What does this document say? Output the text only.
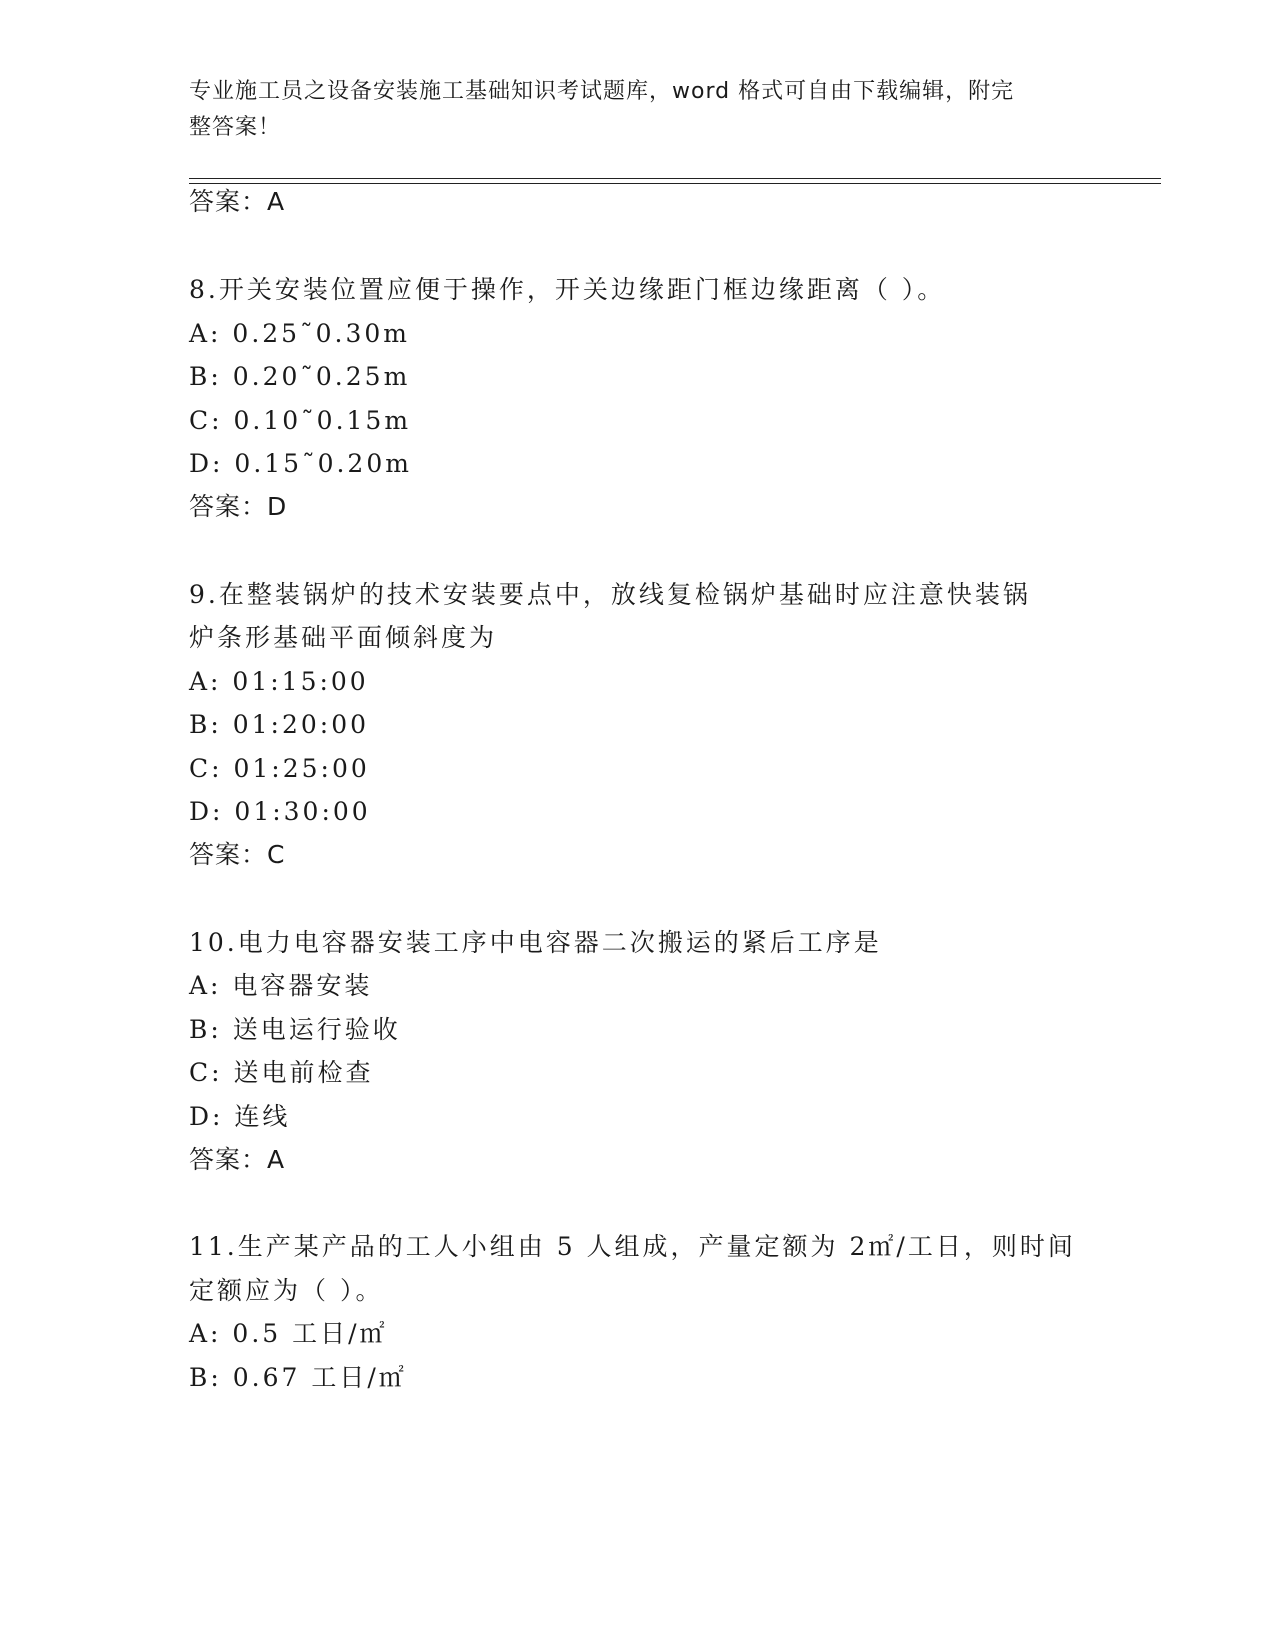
专业施工员之设备安装施工基础知识考试题库，word 格式可自由下载编辑，附完
整答案！
答案：A
8.开关安装位置应便于操作，开关边缘距门框边缘距离（ ）。
A: 0.25˜0.30m
B: 0.20˜0.25m
C: 0.10˜0.15m
D: 0.15˜0.20m
答案：D
9.在整装锅炉的技术安装要点中，放线复检锅炉基础时应注意快装锅
炉条形基础平面倾斜度为
A: 01:15:00
B: 01:20:00
C: 01:25:00
D: 01:30:00
答案：C
10.电力电容器安装工序中电容器二次搬运的紧后工序是
A: 电容器安装
B: 送电运行验收
C: 送电前检查
D: 连线
答案：A
11.生产某产品的工人小组由 5 人组成，产量定额为 2㎡/工日，则时间
定额应为（ ）。
A: 0.5 工日/㎡
B: 0.67 工日/㎡
